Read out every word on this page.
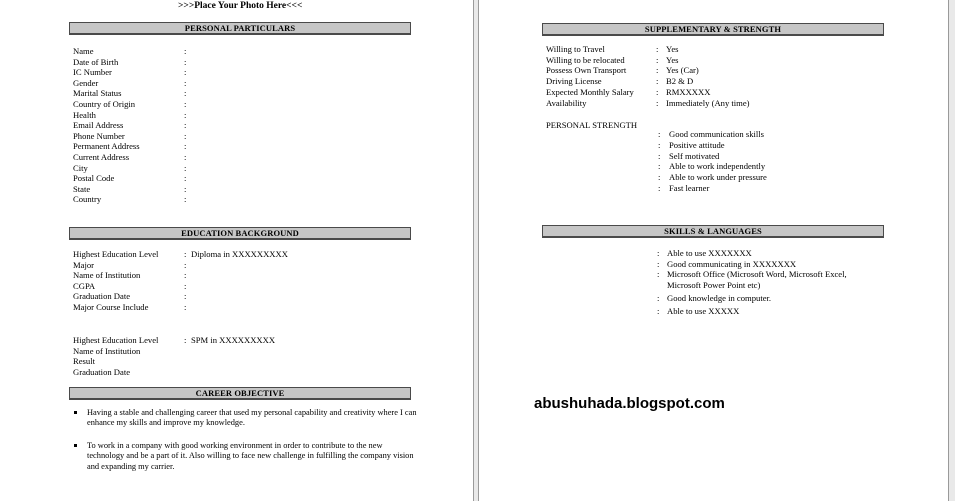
>>>Place Your Photo Here<<<
PERSONAL PARTICULARS
Name	:
Date of Birth	:
IC Number	:
Gender	:
Marital Status	:
Country of Origin	:
Health	:
Email Address	:
Phone Number	:
Permanent Address	:
Current Address	:
City	:
Postal Code	:
State	:
Country	:
EDUCATION BACKGROUND
Highest Education Level	: Diploma in XXXXXXXXX
Major	:
Name of Institution	:
CGPA	:
Graduation Date	:
Major Course Include	:
Highest Education Level	: SPM in XXXXXXXXX
Name of Institution
Result
Graduation Date
CAREER OBJECTIVE
Having a stable and challenging career that used my personal capability and creativity where I can enhance my skills and improve my knowledge.
To work in a company with good working environment in order to contribute to the new technology and be a part of it. Also willing to face new challenge in fulfilling the company vision and expanding my carrier.
SUPPLEMENTARY & STRENGTH
Willing to Travel	: Yes
Willing to be relocated	: Yes
Possess Own Transport	: Yes (Car)
Driving License	: B2 & D
Expected Monthly Salary	: RMXXXXX
Availability	: Immediately (Any time)
PERSONAL STRENGTH
: Good communication skills
: Positive attitude
: Self motivated
: Able to work independently
: Able to work under pressure
: Fast learner
SKILLS & LANGUAGES
: Able to use XXXXXXX
: Good communicating in XXXXXXX
: Microsoft Office (Microsoft Word, Microsoft Excel,
Microsoft Power Point etc)
: Good knowledge in computer.
: Able to use XXXXX
abushuhada.blogspot.com
